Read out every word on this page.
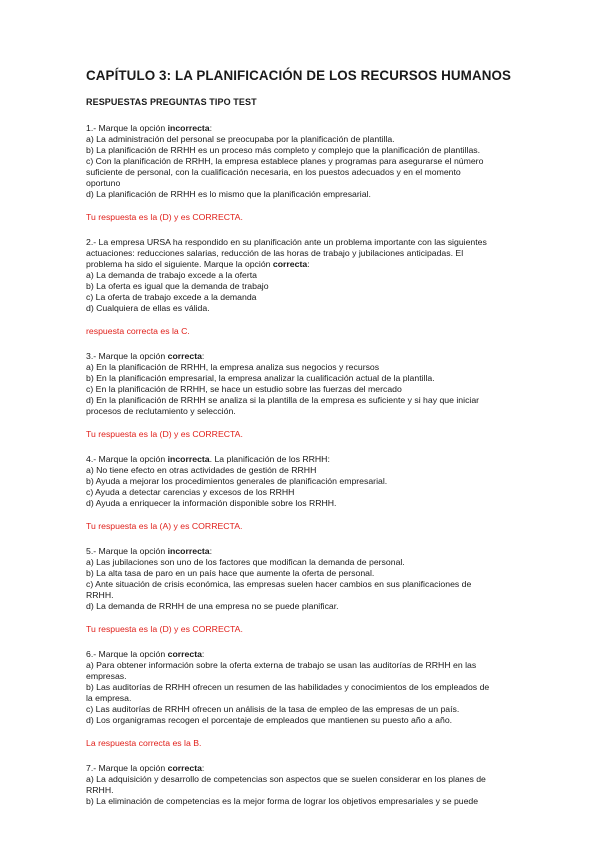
CAPÍTULO 3: LA PLANIFICACIÓN DE LOS RECURSOS HUMANOS
RESPUESTAS PREGUNTAS TIPO TEST

1.- Marque la opción incorrecta:

a) La administración del personal se preocupaba por la planificación de plantilla.

b) La planificación de RRHH es un proceso más completo y complejo que la planificación de plantillas.

c) Con la planificación de RRHH, la empresa establece planes y programas para asegurarse el número

suficiente de personal, con la cualificación necesaria, en los puestos adecuados y en el momento

oportuno

d) La planificación de RRHH es lo mismo que la planificación empresarial.

Tu respuesta es la (D) y es CORRECTA.

2.- La empresa URSA ha respondido en su planificación ante un problema importante con las siguientes

actuaciones: reducciones salarias, reducción de las horas de trabajo y jubilaciones anticipadas. El

problema ha sido el siguiente. Marque la opción correcta:

a) La demanda de trabajo excede a la oferta

b) La oferta es igual que la demanda de trabajo

c) La oferta de trabajo excede a la demanda

d) Cualquiera de ellas es válida.

respuesta correcta es la C.

3.- Marque la opción correcta:

a) En la planificación de RRHH, la empresa analiza sus negocios y recursos

b) En la planificación empresarial, la empresa analizar la cualificación actual de la plantilla.

c) En la planificación de RRHH, se hace un estudio sobre las fuerzas del mercado

d) En la planificación de RRHH se analiza si la plantilla de la empresa es suficiente y si hay que iniciar

procesos de reclutamiento y selección.

Tu respuesta es la (D) y es CORRECTA.

4.- Marque la opción incorrecta. La planificación de los RRHH:

a) No tiene efecto en otras actividades de gestión de RRHH

b) Ayuda a mejorar los procedimientos generales de planificación empresarial.

c) Ayuda a detectar carencias y excesos de los RRHH

d) Ayuda a enriquecer la información disponible sobre los RRHH.

Tu respuesta es la (A) y es CORRECTA.

5.- Marque la opción incorrecta:

a) Las jubilaciones son uno de los factores que modifican la demanda de personal.

b) La alta tasa de paro en un país hace que aumente la oferta de personal.

c) Ante situación de crisis económica, las empresas suelen hacer cambios en sus planificaciones de

RRHH.

d) La demanda de RRHH de una empresa no se puede planificar.

Tu respuesta es la (D) y es CORRECTA.

6.- Marque la opción correcta:

a) Para obtener información sobre la oferta externa de trabajo se usan las auditorías de RRHH en las

empresas.

b) Las auditorías de RRHH ofrecen un resumen de las habilidades y conocimientos de los empleados de

la empresa.

c) Las auditorías de RRHH ofrecen un análisis de la tasa de empleo de las empresas de un país.

d) Los organigramas recogen el porcentaje de empleados que mantienen su puesto año a año.

La respuesta correcta es la B.

7.- Marque la opción correcta:

a) La adquisición y desarrollo de competencias son aspectos que se suelen considerar en los planes de

RRHH.

b) La eliminación de competencias es la mejor forma de lograr los objetivos empresariales y se puede
